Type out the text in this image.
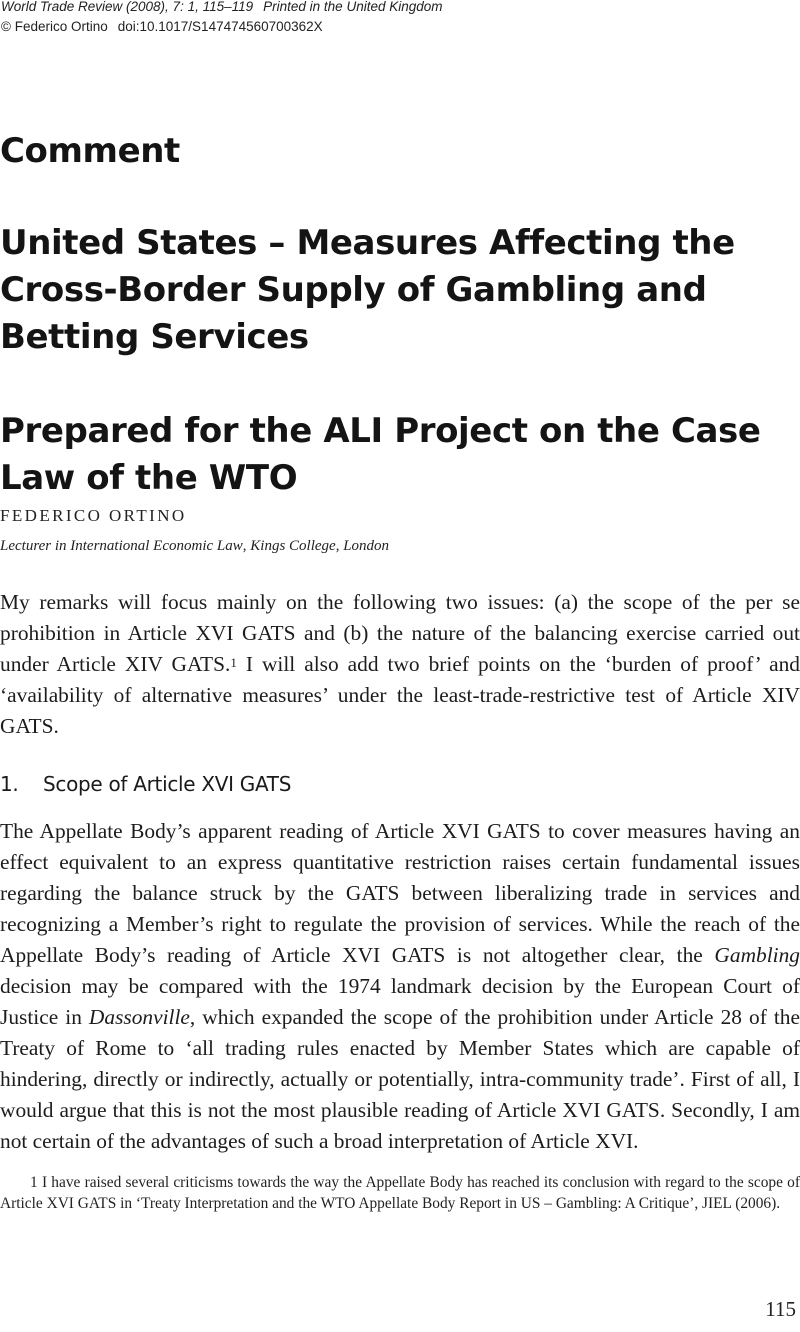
World Trade Review (2008), 7: 1, 115–119 Printed in the United Kingdom
© Federico Ortino doi:10.1017/S147474560700362X
Comment
United States – Measures Affecting the Cross-Border Supply of Gambling and Betting Services
Prepared for the ALI Project on the Case Law of the WTO
FEDERICO ORTINO
Lecturer in International Economic Law, Kings College, London

My remarks will focus mainly on the following two issues: (a) the scope of the per se prohibition in Article XVI GATS and (b) the nature of the balancing exercise carried out under Article XIV GATS.$^1$ I will also add two brief points on the ‘burden of proof’ and ‘availability of alternative measures’ under the least-trade-restrictive test of Article XIV GATS.

1. Scope of Article XVI GATS

The Appellate Body’s apparent reading of Article XVI GATS to cover measures having an effect equivalent to an express quantitative restriction raises certain fundamental issues regarding the balance struck by the GATS between liberalizing trade in services and recognizing a Member’s right to regulate the provision of services. While the reach of the Appellate Body’s reading of Article XVI GATS is not altogether clear, the Gambling decision may be compared with the 1974 landmark decision by the European Court of Justice in Dassonville, which expanded the scope of the prohibition under Article 28 of the Treaty of Rome to ‘all trading rules enacted by Member States which are capable of hindering, directly or indirectly, actually or potentially, intra-community trade’. First of all, I would argue that this is not the most plausible reading of Article XVI GATS. Secondly, I am not certain of the advantages of such a broad interpretation of Article XVI.

1 I have raised several criticisms towards the way the Appellate Body has reached its conclusion with regard to the scope of Article XVI GATS in ‘Treaty Interpretation and the WTO Appellate Body Report in US – Gambling: A Critique’, JIEL (2006).

115
